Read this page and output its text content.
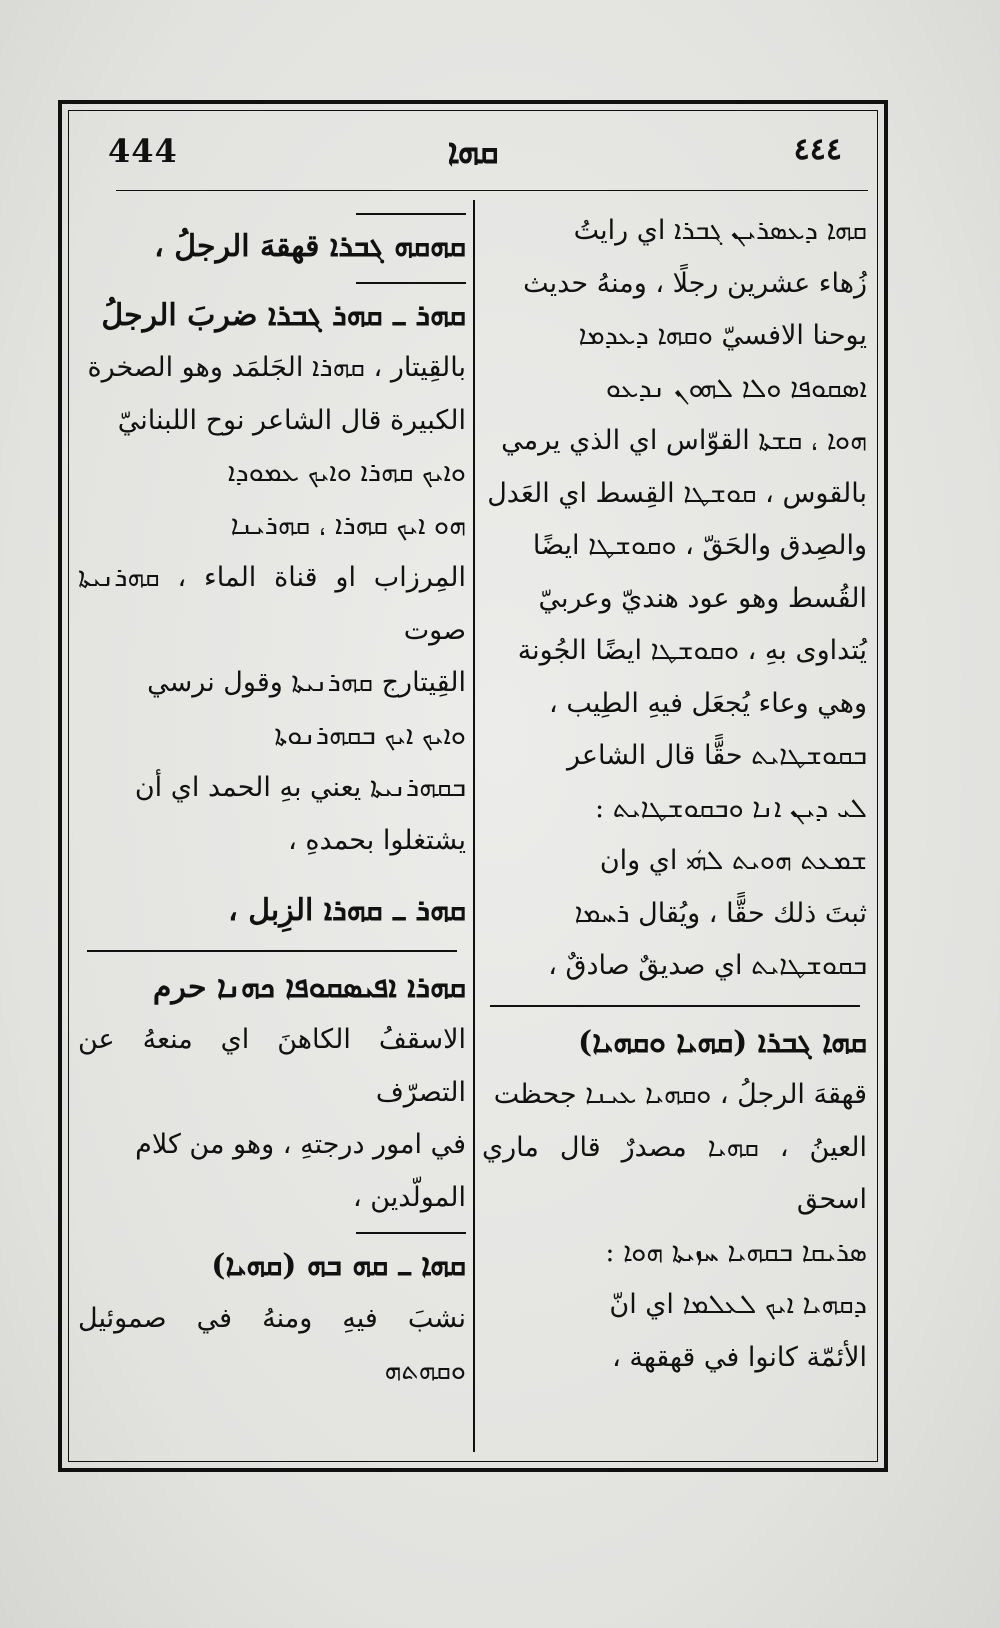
444	ܩܗܐ	٤٤٤

ܩܗܐ ܕܥܣܪܝܢ ܓܒܪܐ اي رايتُ

زُهاء عشرين رجلًا ، ومنهُ حديث

يوحنا الافسيّ ܘܩܗܐ ܕܥܕܡܐ

ܐܣܩܘܦܐ ܘܠܐ ܠܗܘܢ ܢܕܥܘ

ܗܘܐ ، ܩܫܬܐ القوّاس اي الذي يرمي

بالقوس ، ܩܘܫܛܐ القِسط اي العَدل

والصِدق والحَقّ ، ܘܩܘܫܛܐ ايضًا

القُسط وهو عود هنديّ وعربيّ

يُتداوى بهِ ، ܘܩܘܫܛܐ ايضًا الجُونة

وهي وعاء يُجعَل فيهِ الطِيب ،

ܒܩܘܫܛܐܝܬ حقًّا قال الشاعر

ܠܝ ܕܝܢ ܐܢܐ ܘܒܩܘܫܛܐܝܬ :

ܫܡܥܬ ܗܘܝܬ ܠܗܿܝ اي وان

ثبتَ ذلك حقًّا ، ويُقال ܪܚܡܐ

ܒܩܘܫܛܐܝܬ اي صديقٌ صادقٌ ،

ܩܗܐ ܓܒܪܐ (ܩܗܝܐ ܘܩܗܝܐ)

قهقهَ الرجلُ ، ܘܩܗܝܐ ܥܝܢܐ جحظت

العينُ ، ܩܗܝܐ مصدرٌ قال ماري اسحق

ܣܪܝܩܐ ܒܩܗܝܐ ܚܙܝܬܐ ܗܘܐ :

ܕܩܗܝܐ ܐܝܟ ܠܥܠܡܐ اي انّ

الأئمّة كانوا في قهقهة ،

ܩܗܩܗ ܓܒܪܐ قهقهَ الرجلُ ،

ܩܗܪ ـ ܩܗܪ ܓܒܪܐ ضربَ الرجلُ

بالقِيتار ، ܩܗܪܐ الجَلمَد وهو الصخرة

الكبيرة قال الشاعر نوح اللبنانيّ

ܘܐܝܟ ܩܗܪܐ ܘܐܝܟ ܥܡܘܕܐ

ܗܘ ܐܝܟ ܩܗܪܐ ، ܩܗܪܝܢܐ

المِرزاب او قناة الماء ، ܩܗܪܢܝܬܐ صوت

القِيتارج ܩܗܪܢܝܬܐ وقول نرسي

ܘܐܝܟ ܐܝܟ ܒܩܗܪܢܘܬܐ

ܒܩܗܪܢܝܬܐ يعني بهِ الحمد اي أن

يشتغلوا بحمدهِ ،

ܩܗܪ ـ ܩܗܪܐ الزِبل ،

ܩܗܪܐ ܐܦܝܣܩܘܦܐ ܟܗܢܐ حرم

الاسقفُ الكاهنَ اي منعهُ عن التصرّف

في امور درجتهِ ، وهو من كلام

المولّدين ،

ܩܗܐ ـ ܩܗ ܒܗ (ܩܗܝܐ)

نشبَ فيهِ ومنهُ في صموئيل ܘܩܗܬܗ
